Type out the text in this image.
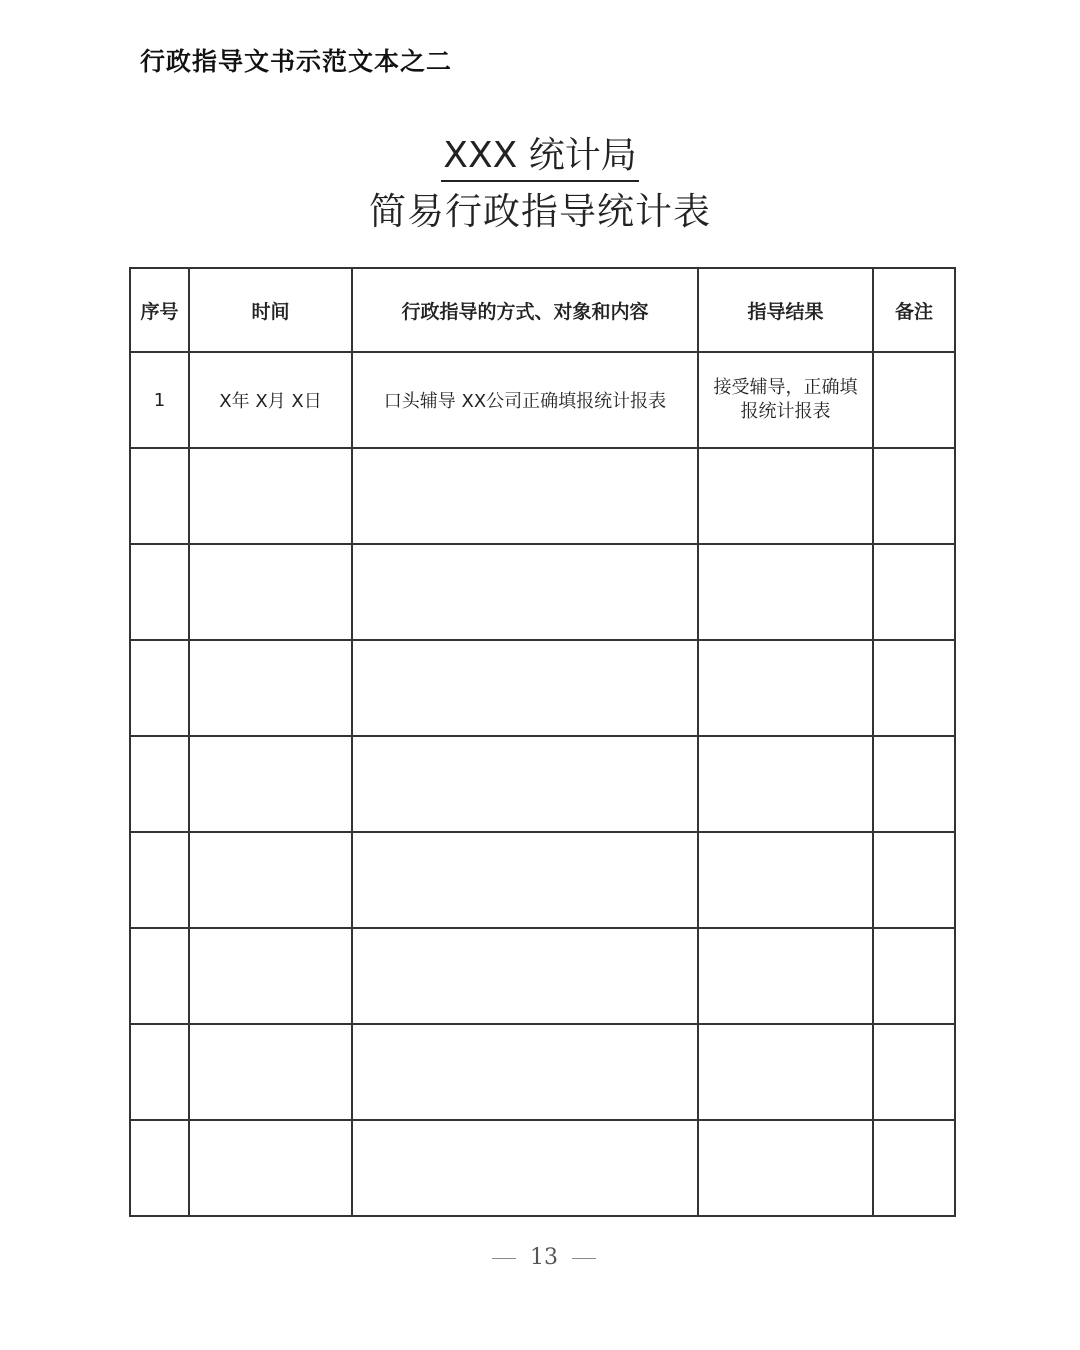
行政指导文书示范文本之二
XXX 统计局
简易行政指导统计表
序号	时间	行政指导的方式、对象和内容	指导结果	备注
1	X年 X月 X日	口头辅导 XX公司正确填报统计报表	接受辅导，正确填报统计报表	

13
